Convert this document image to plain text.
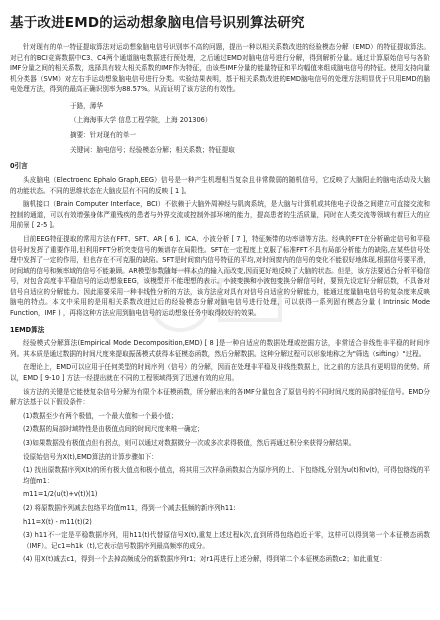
基于改进EMD的运动想象脑电信号识别算法研究

针对现有的单一特征提取算法对运动想象脑电信号识别率不高的问题，提出一种以相关系数改进的经验模态分解（EMD）的特征提取算法。对已有的BCI竞赛数据中C3、C4两个通道脑电数据进行预处理，之后通过EMD对脑电信号进行分解，得到解析分量。通过计算原始信号与各阶IMF分量之间的相关系数，选择具有较大相关系数的IMF作为特征，由该些IMF分量的能量特征和平均幅值来组成脑电信号的特征。使用支持向量机分类器（SVM）对左右手运动想象脑电信号进行分类。实验结果表明，基于相关系数改进的EMD脑电信号的处理方法明显优于只用EMD的脑电处理方法，得到的最高正确识别率为88.57%。从而证明了该方法的有效性。

于路，薄华

（上海海事大学 信息工程学院，上海 201306）

摘要：针对现有的单一

关键词：脑电信号；经验模态分解；相关系数；特征提取

0引言

头皮脑电（Electroenc Ephalo Graph,EEG）信号是一种产生机理相当复杂且非常微弱的随机信号，它反映了大脑阳止的脑电活动及大脑的功能状态。不同的思维状态在大脑皮层有不同的反映 [ 1 ]。

脑机接口（Brain Computer Interface，BCI）不依赖于大脑外周神经与肌肉系统，是大脑与计算机或其他电子设备之间建立可直接交流和控制的通道，可以有效增强身体严重残疾的患者与外界交流或控制外部环境的能力，提高患者的生活质量，同时在人类交流等领域有着巨大的应用前景 [ 2-5 ]。

目前EEG特征提取的常用方法有FFT、SFT、AR [ 6 ]、ICA、小波分析 [ 7 ]，特征频带的功率谱等方法。经典的FFT在分析确定信号和平稳信号时发挥了重要作用,但利用FFT分析突变信号的频谱存在局限性。SFT在一定程度上克服了标准FFT不具有局部分析能力的缺陷,在某些信号处理中发挥了一定的作用，但也存在不可克服的缺陷。SFT是时间窗内信号特征的平均,对时间窗内的信号的变化不能很好地体现,根据信号要平滑，时间域的信号和频率域的信号不能兼顾。AR模型参数随每一样本点的输入而改变,因而更好地反映了大脑的状态。但是，该方法要适合分析平稳信号，对包含高度非平稳信号的运动想象EEG，该模型并不能理想的表示。小波变换和小波包变换分解信号时，要预先设定好分解层数，不具备对信号自适应的分解能力。因此需要采用一种非线性分析的方法，该方法应对具有对信号自适应的分解能力，能通过度量脑电信号的复杂度来反映脑电的特点。本文中采用的是用相关系数改进过后的经验模态分解对脑电信号进行处理，可以获得一系列固有模态分量 ( Intrinsic Mode Function，IMF ) ，再将这种方法应用到脑电信号的运动想象任务中取得较好的效果。

1EMD算法

经验模式分解算法(Empirical Mode Decomposition,EMD) [ 8 ]是一种自适应的数据处理或挖掘方法，非常适合非线性非平稳的时间序列。其本质是通过数据的时间尺度来提取振荡模式获得本征模态函数，然后分解数据。这种分解过程可以形象地称之为"筛选（sifting）"过程。

在理论上，EMD可以应用于任何类型的时间序列（信号）的分解，因而在处理非平稳及非线性数据上，比之前的方法具有更明显的优势。所以，EMD [ 9-10 ] 方法一经提出就在不同的工程领域得到了迅速有效的应用。

该方法的关键是它能使复杂信号分解为有限个本征模函数，所分解出来的各IMF分量包含了原信号的不同时间尺度的局部特征信号。EMD分解方法基于以下假设条件：

(1)数据至少有两个极值，一个最大值和一个最小值；

(2)数据的局部时域特性是由极值点间的时间尺度来唯一确定；

(3)如果数据没有极值点但有拐点，则可以通过对数据微分一次或多次求得极值，然后再通过积分来获得分解结果。

设原始信号为X(t),EMD算法的计算步骤如下：

(1) 找出原数据序列X(t)的所有极大值点和极小值点，将其用三次样条函数拟合为原序列的上、下包络线,分别为u(t)和v(t)，可得包络线的平均值m1：

m11=1/2(u(t)+v(t))(1)

(2) 将原数据序列减去包络平均值m11，得到一个减去低频的新序列h11:

h11=X(t) - m11(t)(2)

(3) h11不一定是平稳数据序列，用h11(t)代替原信号X(t),重复上述过程k次,直到所得包络趋近于零，这样可以得到第一个本征模态函数（IMF）。记c1=h1k（t),它表示信号数据序列最高频率的成分。

(4) 用X(t)减去c1，得到一个去掉高频成分的新数据序列r1；对r1再进行上述分解，得到第二个本征模态函数c2；如此重复：
